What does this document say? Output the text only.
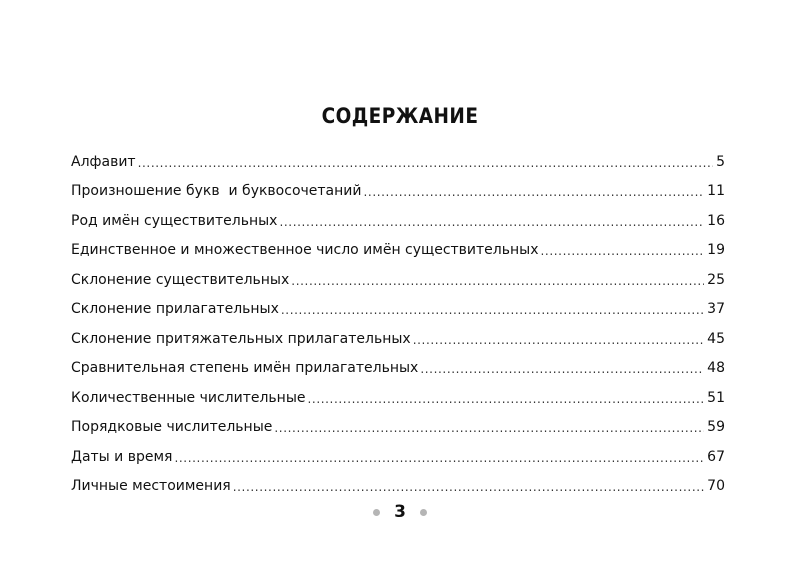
СОДЕРЖАНИЕ
Алфавит .....	5
Произношение букв  и буквосочетаний .....	11
Род имён существительных .....	16
Единственное и множественное число имён существительных .....	19
Склонение существительных .....	25
Склонение прилагательных .....	37
Склонение притяжательных прилагательных .....	45
Сравнительная степень имён прилагательных .....	48
Количественные числительные .....	51
Порядковые числительные .....	59
Даты и время .....	67
Личные местоимения .....	70
3
